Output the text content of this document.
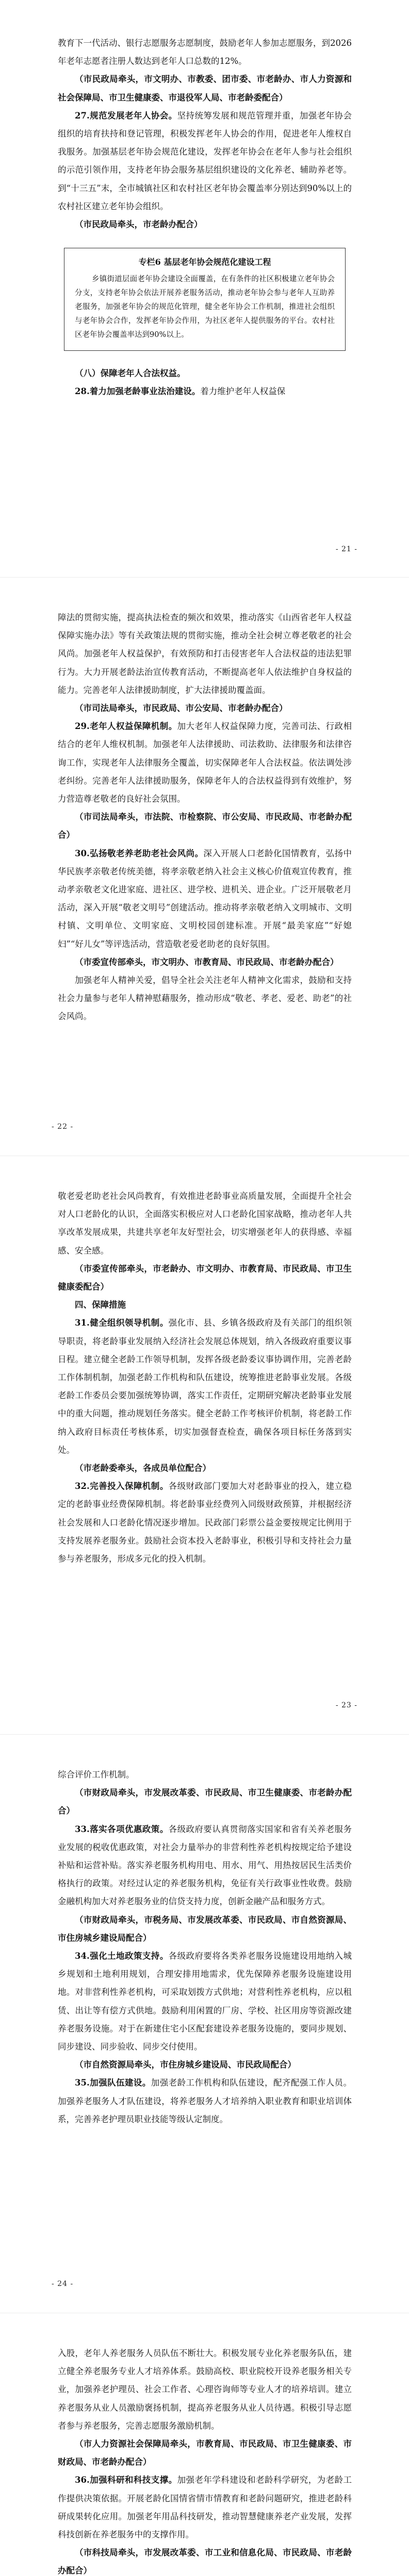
教育下一代活动、银行志愿服务志愿制度，鼓励老年人参加志愿服务，到2026年老年志愿者注册人数达到老年人口总数的12%。

（市民政局牵头，市文明办、市教委、团市委、市老龄办、市人力资源和社会保障局、市卫生健康委、市退役军人局、市老龄委配合）

27.规范发展老年人协会。坚持统筹发展和规范管理并重，加强老年协会组织的培育扶持和登记管理，积极发挥老年人协会的作用，促进老年人维权自我服务。加强基层老年协会规范化建设，发挥老年协会在老年人参与社会组织的示范引领作用，支持老年协会服务基层组织建设的文化养老、辅助养老等。到“十三五”末，全市城镇社区和农村社区老年协会覆盖率分别达到90%以上的农村社区建立老年协会组织。

（市民政局牵头，市老龄办配合）

专栏6 基层老年协会规范化建设工程

乡镇街道层面老年协会建设全面覆盖，在有条件的社区积极建立老年协会分支，支持老年协会依法开展养老服务活动，推动老年协会参与老年人互助养老服务，加强老年协会的规范化管理，健全老年协会工作机制，推进社会组织与老年协会合作，发挥老年协会作用，为社区老年人提供服务的平台。农村社区老年协会覆盖率达到90%以上。

（八）保障老年人合法权益。

28.着力加强老龄事业法治建设。着力维护老年人权益保

- 21 -

障法的贯彻实施，提高执法检查的频次和效果，推动落实《山西省老年人权益保障实施办法》等有关政策法规的贯彻实施，推动全社会树立尊老敬老的社会风尚。加强老年人权益保护，有效预防和打击侵害老年人合法权益的违法犯罪行为。大力开展老龄法治宣传教育活动，不断提高老年人依法维护自身权益的能力。完善老年人法律援助制度，扩大法律援助覆盖面。

（市司法局牵头，市民政局、市公安局、市老龄办配合）

29.老年人权益保障机制。加大老年人权益保障力度，完善司法、行政相结合的老年人维权机制。加强老年人法律援助、司法救助、法律服务和法律咨询工作，实现老年人法律服务全覆盖，切实保障老年人合法权益。依法调处涉老纠纷。完善老年人法律援助服务，保障老年人的合法权益得到有效维护，努力营造尊老敬老的良好社会氛围。

（市司法局牵头，市法院、市检察院、市公安局、市民政局、市老龄办配合）

30.弘扬敬老养老助老社会风尚。深入开展人口老龄化国情教育，弘扬中华民族孝亲敬老传统美德，将孝亲敬老纳入社会主义核心价值观宣传教育，推动孝亲敬老文化进家庭、进社区、进学校、进机关、进企业。广泛开展敬老月活动，深入开展“敬老文明号”创建活动。推动将孝亲敬老纳入文明城市、文明村镇、文明单位、文明家庭、文明校园创建标准。开展“最美家庭”“好媳妇”“好儿女”等评选活动，营造敬老爱老助老的良好氛围。

（市委宣传部牵头，市文明办、市教育局、市民政局、市老龄办配合）

加强老年人精神关爱，倡导全社会关注老年人精神文化需求，鼓励和支持社会力量参与老年人精神慰藉服务，推动形成“敬老、孝老、爱老、助老”的社会风尚。

- 22 -

敬老爱老助老社会风尚教育，有效推进老龄事业高质量发展，全面提升全社会对人口老龄化的认识，全面落实积极应对人口老龄化国家战略，推动老年人共享改革发展成果，共建共享老年友好型社会，切实增强老年人的获得感、幸福感、安全感。

（市委宣传部牵头，市老龄办、市文明办、市教育局、市民政局、市卫生健康委配合）

四、保障措施

31.健全组织领导机制。强化市、县、乡镇各级政府及有关部门的组织领导职责，将老龄事业发展纳入经济社会发展总体规划，纳入各级政府重要议事日程。建立健全老龄工作领导机制，发挥各级老龄委议事协调作用，完善老龄工作体制机制，加强老龄工作机构和队伍建设，统筹推进老龄事业发展。各级老龄工作委员会要加强统筹协调，落实工作责任，定期研究解决老龄事业发展中的重大问题，推动规划任务落实。健全老龄工作考核评价机制，将老龄工作纳入政府目标责任考核体系，切实加强督查检查，确保各项目标任务落到实处。

（市老龄委牵头，各成员单位配合）

32.完善投入保障机制。各级财政部门要加大对老龄事业的投入，建立稳定的老龄事业经费保障机制。将老龄事业经费列入同级财政预算，并根据经济社会发展和人口老龄化情况逐步增加。民政部门彩票公益金要按规定比例用于支持发展养老服务业。鼓励社会资本投入老龄事业，积极引导和支持社会力量参与养老服务，形成多元化的投入机制。

- 23 -

综合评价工作机制。

（市财政局牵头，市发展改革委、市民政局、市卫生健康委、市老龄办配合）

33.落实各项优惠政策。各级政府要认真贯彻落实国家和省有关养老服务业发展的税收优惠政策，对社会力量举办的非营利性养老机构按规定给予建设补贴和运营补贴。落实养老服务机构用电、用水、用气、用热按居民生活类价格执行的政策。对经过认定的养老服务机构，免征有关行政事业性收费。鼓励金融机构加大对养老服务业的信贷支持力度，创新金融产品和服务方式。

（市财政局牵头，市税务局、市发展改革委、市民政局、市自然资源局、市住房城乡建设局配合）

34.强化土地政策支持。各级政府要将各类养老服务设施建设用地纳入城乡规划和土地利用规划，合理安排用地需求，优先保障养老服务设施建设用地。对非营利性养老机构，可采取划拨方式供地；对营利性养老机构，应以租赁、出让等有偿方式供地。鼓励利用闲置的厂房、学校、社区用房等资源改建养老服务设施。对于在新建住宅小区配套建设养老服务设施的，要同步规划、同步建设、同步验收、同步交付使用。

（市自然资源局牵头，市住房城乡建设局、市民政局配合）

35.加强队伍建设。加强老龄工作机构和队伍建设，配齐配强工作人员。加强养老服务人才队伍建设，将养老服务人才培养纳入职业教育和职业培训体系，完善养老护理员职业技能等级认定制度。

- 24 -

入股，老年人养老服务人员队伍不断壮大。积极发展专业化养老服务队伍，建立健全养老服务专业人才培养体系。鼓励高校、职业院校开设养老服务相关专业，加强养老护理员、社会工作者、心理咨询师等专业人才的培养培训。建立养老服务从业人员激励褒扬机制，提高养老服务从业人员待遇。积极引导志愿者参与养老服务，完善志愿服务激励机制。

（市人力资源社会保障局牵头，市教育局、市民政局、市卫生健康委、市财政局、市老龄办配合）

36.加强科研和科技支撑。加强老年学科建设和老龄科学研究，为老龄工作提供决策依据。开展老龄化国情省情市情教育和老龄问题研究，推进老龄科研成果转化应用。加强老年用品科技研发，推动智慧健康养老产业发展，发挥科技创新在养老服务中的支撑作用。

（市科技局牵头，市发展改革委、市工业和信息化局、市民政局、市老龄办配合）
